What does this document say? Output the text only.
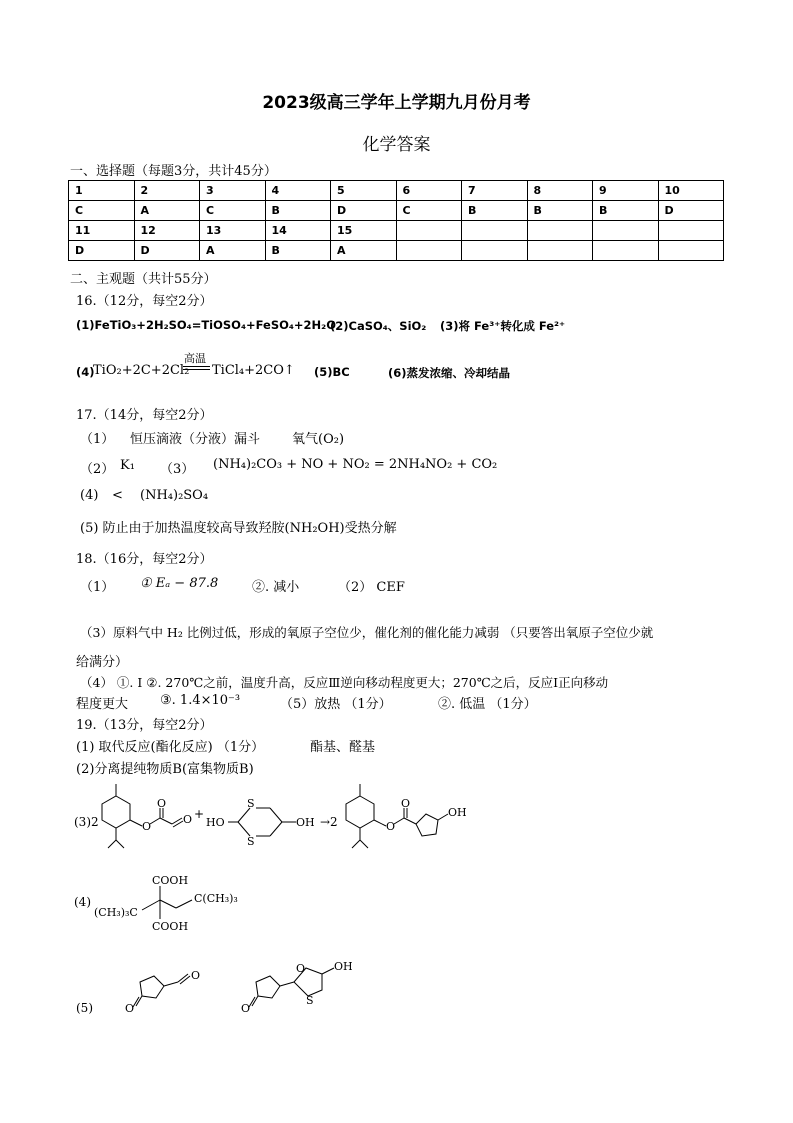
2023级高三学年上学期九月份月考
化学答案
一、选择题（每题3分，共计45分）
1	2	3	4	5	6	7	8	9	10
C	A	C	B	D	C	B	B	B	D
11	12	13	14	15					
D	D	A	B	A					
二、主观题（共计55分）
16.（12分，每空2分）
(1)FeTiO₃+2H₂SO₄=TiOSO₄+FeSO₄+2H₂O
(2)CaSO₄、SiO₂ (3)将 Fe³⁺转化成 Fe²⁺
(4)
TiO₂+2C+2Cl₂
高温
TiCl₄+2CO↑ (5)BC	(6)蒸发浓缩、冷却结晶
17.（14分，每空2分）
（1） 恒压滴液（分液）漏斗 氧气(O₂)
（2） K₁ （3） (NH₄)₂CO₃ + NO + NO₂ = 2NH₄NO₂ + CO₂
(4) < (NH₄)₂SO₄
(5) 防止由于加热温度较高导致羟胺(NH₂OH)受热分解
18.（16分，每空2分）
（1） ① Eₐ − 87.8	②. 减小	（2） CEF
（3）原料气中 H₂ 比例过低，形成的氧原子空位少，催化剂的催化能力减弱 （只要答出氧原子空位少就
给满分）
（4） ①. Ⅰ ②. 270℃之前，温度升高，反应Ⅲ逆向移动程度更大；270℃之后，反应Ⅰ正向移动
程度更大 ③. 1.4×10⁻³	（5）放热 （1分）	②. 低温 （1分）
19.（13分，每空2分）
(1) 取代反应(酯化反应) （1分）	酯基、醛基
(2)分离提纯物质B(富集物质B)
(3)2	O
O
O +
HO
S
S
OH →2	O
O
OH
(4)
COOH
COOH
(CH₃)₃C
C(CH₃)₃
(5)	O
O
O
O
S
OH
